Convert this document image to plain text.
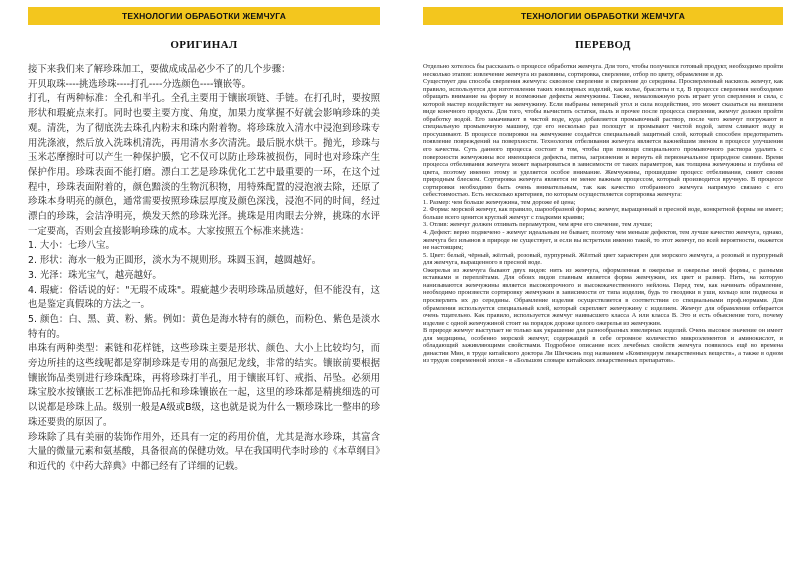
ТЕХНОЛОГИИ ОБРАБОТКИ ЖЕМЧУГА
ОРИГИНАЛ

接下来我们来了解珍珠加工，要做成成品必少不了的几个步骤：

开贝取珠----挑选珍珠----打孔----分选颜色----镶嵌等。

打孔，有两种标准：全孔和半孔。全孔主要用于镶嵌项链、手链。在打孔时，要按照形状和瑕疵点来打。同时也要主要方度、角度，加果力度掌握不好就会影响珍珠的美观。清洗，为了彻底洗去珠孔内粉末和珠内附着物。将珍珠放入清水中浸泡到珍珠专用洗涤液，然后放入洗珠机清洗，再用清水多次清洗。最后脱水烘干。抛光，珍珠与玉米芯摩擦时可以产生一种保护膜，它不仅可以防止珍珠被损伤，同时也对珍珠产生保护作用。珍珠表面不能打磨。漂白工艺是珍珠优化工艺中最重要的一环，在这个过程中，珍珠表面附着的，颜色黯淡的生物沉积物，用特殊配置的浸泡液去除，还原了珍珠本身明亮的颜色，通常需要按照珍珠层厚度及颜色深浅，浸泡不同的时间，经过漂白的珍珠，会洁净明亮，焕发天然的珍珠光泽。挑珠是用肉眼去分辨，挑珠的水评一定要高，否则会直接影响珍珠的成本。大家按照五个标准来挑选：

1. 大小：七珍八宝。

2. 形状：海水一般为正圆形，淡水为不规则形。珠圆玉润，越圆越好。

3. 光泽：珠光宝气，越亮越好。

4. 瑕疵：俗话说的好："无瑕不成珠"。瑕疵越少表明珍珠品质越好，但不能没有，这也是鉴定真假珠的方法之一。

5. 颜色：白、黑、黄、粉、紫。例如：黄色是海水特有的颜色，而粉色、紫色是淡水特有的。

串珠有两种类型：素链和花样链，这些珍珠主要是形状、颜色、大小上比较均匀，而旁边所挂的这些线呢都是穿制珍珠是专用的高强尼龙线，非常的结实。镶嵌前要根据镶嵌饰品类别进行珍珠配珠，再将珍珠打半孔，用于镶嵌耳钉、戒指、吊坠。必须用珠宝胶水按镶嵌工艺标准把饰品托和珍珠镶嵌在一起，这里的珍珠都是精挑细选的可以说都是珍珠上品。级别一般是A级或B级，这也就是说为什么一颗珍珠比一整串的珍珠还要贵的原因了。

珍珠除了具有美丽的装饰作用外，还具有一定的药用价值，尤其是海水珍珠，其富含大量的微量元素和氨基酸，具备很高的保健功效。早在我国明代李时珍的《本草纲目》和近代的《中药大辞典》中都已经有了详细的记载。

ТЕХНОЛОГИИ ОБРАБОТКИ ЖЕМЧУГА
ПЕРЕВОД

Отдельно хотелось бы рассказать о процессе обработки жемчуга. Для того, чтобы получился готовый продукт, необходимо пройти несколько этапов: извлечение жемчуга из раковины, сортировка, сверление, отбор по цвету, обрамление и др.

Существует два способа сверления жемчуга: сквозное сверление и сверление до середины. Просверленный насквозь жемчуг, как правило, используется для изготовления таких ювелирных изделий, как колье, браслеты и т.д. В процессе сверления необходимо обращать внимание на форму и возможные дефекты жемчужины. Также, немаловажную роль играет угол сверления и сила, с которой мастер воздействует на жемчужину. Если выбраны неверный угол и сила воздействия, это может сказаться на внешнем виде конечного продукта. Для того, чтобы вычистить остатки, пыль и прочее после процесса сверления, жемчуг должен пройти обработку водой. Его замачивают в чистой воде, куда добавляется промывочный раствор, после чего жемчуг погружают в специальную промывочную машину, где его несколько раз полощут и промывают чистой водой, затем сливают воду и просушивают. В процессе полировки на жемчужине создаётся специальный защитный слой, который способен предотвратить появление повреждений на поверхности. Технология отбеливания жемчуга является важнейшим звеном в процессе улучшения его качества. Суть данного процесса состоит в том, чтобы при помощи специального промывочного раствора удалить с поверхности жемчужины все имеющиеся дефекты, пятна, загрязнения и вернуть ей первоначальное природное сияние. Время процесса отбеливания жемчуга может варьироваться в зависимости от таких параметров, как толщина жемчужины и глубина её цвета, поэтому именно этому и уделяется особое внимание. Жемчужины, прошедшие процесс отбеливания, сияют своим природным блеском. Сортировка жемчуга является не менее важным процессом, который производится вручную. В процессе сортировки необходимо быть очень внимательным, так как качество отобранного жемчуга напрямую связано с его себестоимостью. Есть несколько критериев, по которым осуществляется сортировка жемчуга:

1. Размер: чем больше жемчужина, тем дороже её цена;

2. Форма: морской жемчуг, как правило, шарообразной формы; жемчуг, выращенный в пресной воде, конкретной формы не имеет; больше всего ценится круглый жемчуг с гладкими краями;

3. Отлив: жемчуг должен отливать перламутром, чем ярче его свечение, тем лучше;

4. Дефект: верно подмечено - жемчуг идеальным не бывает, поэтому чем меньше дефектов, тем лучше качество жемчуга, однако, жемчуга без изъянов в природе не существует, и если вы встретили именно такой, то этот жемчуг, по всей вероятности, окажется не настоящим;

5. Цвет: белый, чёрный, жёлтый, розовый, пурпурный. Жёлтый цвет характерен для морского жемчуга, а розовый и пурпурный для жемчуга, выращенного в пресной воде.

Ожерелья из жемчуга бывают двух видов: нить из жемчуга, оформленная в ожерелье и ожерелье иной формы, с разными вставками и переплётами. Для обоих видов главным является форма жемчужин, их цвет и размер. Нить, на которую нанизываются жемчужины является высокопрочного и высококачественного нейлона. Перед тем, как начинать обрамление, необходимо произвести сортировку жемчужин в зависимости от типа изделия, будь то гвоздики в уши, кольцо или подвеска и просверлить их до середины. Обрамление изделия осуществляется в соответствии со специальными проф.нормами. Для обрамления используется специальный клей, который скрепляет жемчужину с изделием. Жемчуг для обрамления отбирается очень тщательно. Как правило, используется жемчуг наивысшего класса А или класса В. Это и есть объяснение того, почему изделие с одной жемчужиной стоит на порядок дороже целого ожерелья из жемчужин.

В природе жемчуг выступает не только как украшение для разнообразных ювелирных изделий. Очень высокое значение он имеет для медицины, особенно морской жемчуг, содержащий в себе огромное количество микроэлементов и аминокислот, и обладающий заживляющими свойствами. Подробное описание всех лечебных свойств жемчуга появилось ещё во времена династии Мин, в труде китайского доктора Ли Шичжэнь под названием «Компендиум лекарственных веществ», а также в одном из трудов современной эпохи - в «Большом словаре китайских лекарственных препаратов».
